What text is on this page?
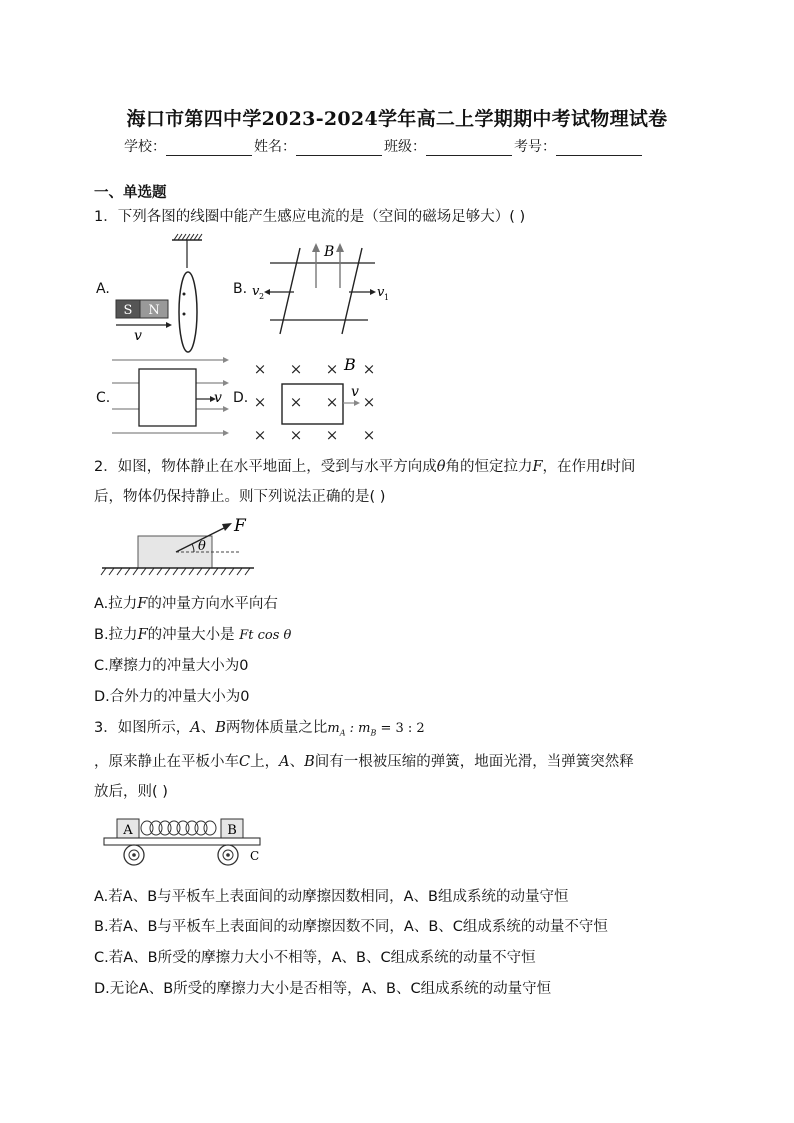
海口市第四中学2023-2024学年高二上学期期中考试物理试卷
学校：	姓名：	班级：	考号：
一、单选题
1．下列各图的线圈中能产生感应电流的是（空间的磁场足够大）( )
A.
S N
v
B.
B
v 2	v 1
C.	v D.
× × × ×
× × × ×
× × × ×
B
v
2．如图，物体静止在水平地面上，受到与水平方向成θ角的恒定拉力F，在作用t时间
后，物体仍保持静止。则下列说法正确的是( )
θ
F
A.拉力F的冲量方向水平向右
B.拉力F的冲量大小是 Ft cos θ
C.摩擦力的冲量大小为0
D.合外力的冲量大小为0
3．如图所示，A、B两物体质量之比$m_A$ : $m_B = 3$ : 2
，原来静止在平板小车C上，A、B间有一根被压缩的弹簧，地面光滑，当弹簧突然释
放后，则( )
A	B
C
A.若A、B与平板车上表面间的动摩擦因数相同，A、B组成系统的动量守恒
B.若A、B与平板车上表面间的动摩擦因数不同，A、B、C组成系统的动量不守恒
C.若A、B所受的摩擦力大小不相等，A、B、C组成系统的动量不守恒
D.无论A、B所受的摩擦力大小是否相等，A、B、C组成系统的动量守恒
